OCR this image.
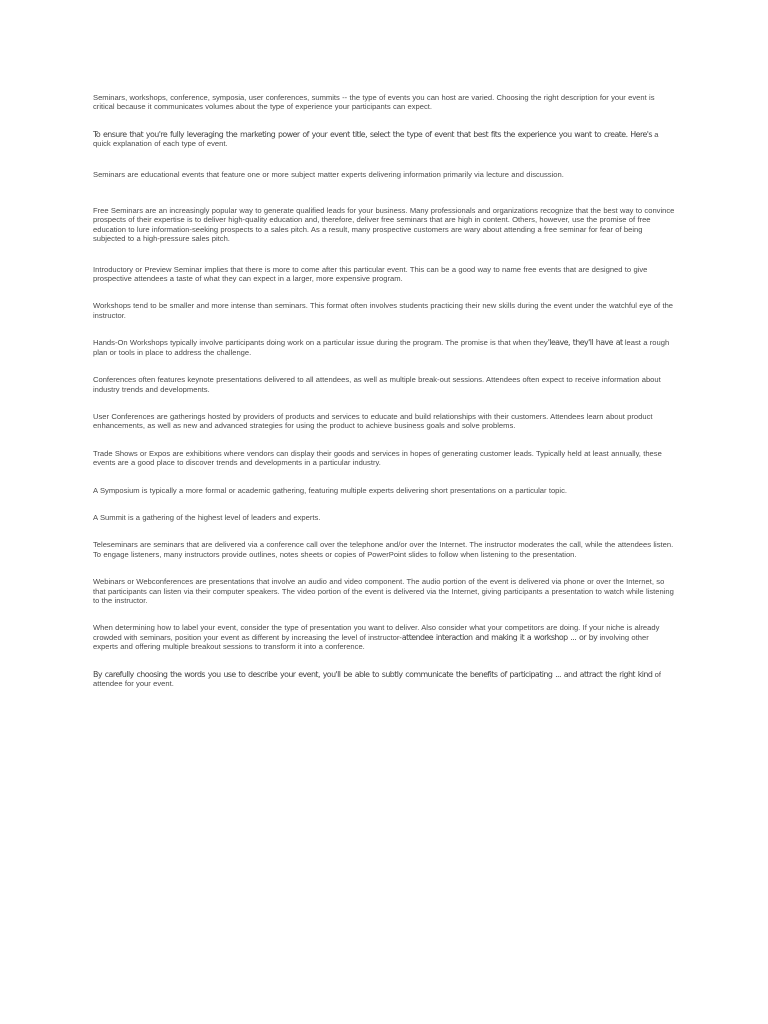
Seminars, workshops, conference, symposia, user conferences, summits -- the type of events you can host are varied. Choosing the right description for your event is critical because it communicates volumes about the type of experience your participants can expect.

To ensure that you're fully leveraging the marketing power of your event title, select the type of event that best fits the experience you want to create. Here's a quick explanation of each type of event.

Seminars are educational events that feature one or more subject matter experts delivering information primarily via lecture and discussion.

Free Seminars are an increasingly popular way to generate qualified leads for your business. Many professionals and organizations recognize that the best way to convince prospects of their expertise is to deliver high-quality education and, therefore, deliver free seminars that are high in content. Others, however, use the promise of free education to lure information-seeking prospects to a sales pitch. As a result, many prospective customers are wary about attending a free seminar for fear of being subjected to a high-pressure sales pitch.

Introductory or Preview Seminar implies that there is more to come after this particular event. This can be a good way to name free events that are designed to give prospective attendees a taste of what they can expect in a larger, more expensive program.

Workshops tend to be smaller and more intense than seminars. This format often involves students practicing their new skills during the event under the watchful eye of the instructor.

Hands-On Workshops typically involve participants doing work on a particular issue during the program. The promise is that when they'leave, they'll have at least a rough plan or tools in place to address the challenge.

Conferences often features keynote presentations delivered to all attendees, as well as multiple break-out sessions. Attendees often expect to receive information about industry trends and developments.

User Conferences are gatherings hosted by providers of products and services to educate and build relationships with their customers. Attendees learn about product enhancements, as well as new and advanced strategies for using the product to achieve business goals and solve problems.

Trade Shows or Expos are exhibitions where vendors can display their goods and services in hopes of generating customer leads. Typically held at least annually, these events are a good place to discover trends and developments in a particular industry.

A Symposium is typically a more formal or academic gathering, featuring multiple experts delivering short presentations on a particular topic.

A Summit is a gathering of the highest level of leaders and experts.

Teleseminars are seminars that are delivered via a conference call over the telephone and/or over the Internet. The instructor moderates the call, while the attendees listen. To engage listeners, many instructors provide outlines, notes sheets or copies of PowerPoint slides to follow when listening to the presentation.

Webinars or Webconferences are presentations that involve an audio and video component. The audio portion of the event is delivered via phone or over the Internet, so that participants can listen via their computer speakers. The video portion of the event is delivered via the Internet, giving participants a presentation to watch while listening to the instructor.

When determining how to label your event, consider the type of presentation you want to deliver. Also consider what your competitors are doing. If your niche is already crowded with seminars, position your event as different by increasing the level of instructor-attendee interaction and making it a workshop ... or by involving other experts and offering multiple breakout sessions to transform it into a conference.

By carefully choosing the words you use to describe your event, you'll be able to subtly communicate the benefits of participating ... and attract the right kind of attendee for your event.
